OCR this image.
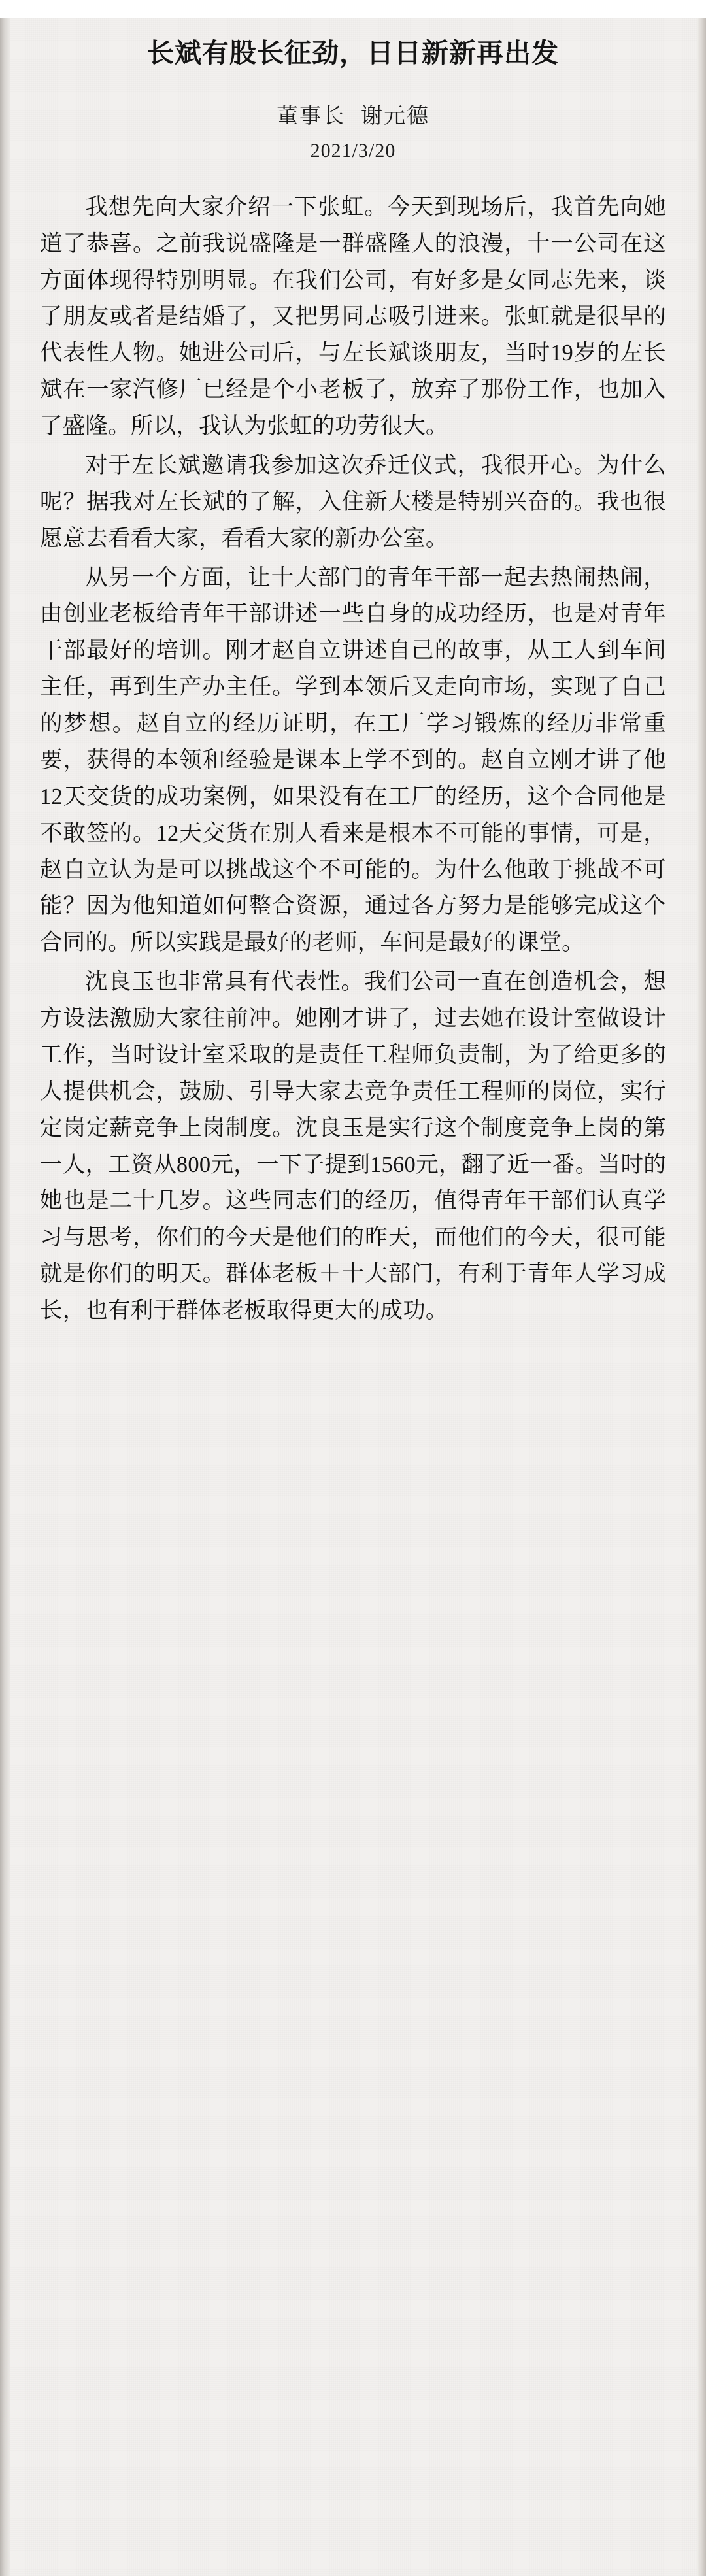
长斌有股长征劲，日日新新再出发
董事长 谢元德
2021/3/20

我想先向大家介绍一下张虹。今天到现场后，我首先向她道了恭喜。之前我说盛隆是一群盛隆人的浪漫，十一公司在这方面体现得特别明显。在我们公司，有好多是女同志先来，谈了朋友或者是结婚了，又把男同志吸引进来。张虹就是很早的代表性人物。她进公司后，与左长斌谈朋友，当时19岁的左长斌在一家汽修厂已经是个小老板了，放弃了那份工作，也加入了盛隆。所以，我认为张虹的功劳很大。

对于左长斌邀请我参加这次乔迁仪式，我很开心。为什么呢？据我对左长斌的了解，入住新大楼是特别兴奋的。我也很愿意去看看大家，看看大家的新办公室。

从另一个方面，让十大部门的青年干部一起去热闹热闹，由创业老板给青年干部讲述一些自身的成功经历，也是对青年干部最好的培训。刚才赵自立讲述自己的故事，从工人到车间主任，再到生产办主任。学到本领后又走向市场，实现了自己的梦想。赵自立的经历证明，在工厂学习锻炼的经历非常重要，获得的本领和经验是课本上学不到的。赵自立刚才讲了他12天交货的成功案例，如果没有在工厂的经历，这个合同他是不敢签的。12天交货在别人看来是根本不可能的事情，可是，赵自立认为是可以挑战这个不可能的。为什么他敢于挑战不可能？因为他知道如何整合资源，通过各方努力是能够完成这个合同的。所以实践是最好的老师，车间是最好的课堂。

沈良玉也非常具有代表性。我们公司一直在创造机会，想方设法激励大家往前冲。她刚才讲了，过去她在设计室做设计工作，当时设计室采取的是责任工程师负责制，为了给更多的人提供机会，鼓励、引导大家去竞争责任工程师的岗位，实行定岗定薪竞争上岗制度。沈良玉是实行这个制度竞争上岗的第一人，工资从800元，一下子提到1560元，翻了近一番。当时的她也是二十几岁。这些同志们的经历，值得青年干部们认真学习与思考，你们的今天是他们的昨天，而他们的今天，很可能就是你们的明天。群体老板＋十大部门，有利于青年人学习成长，也有利于群体老板取得更大的成功。
